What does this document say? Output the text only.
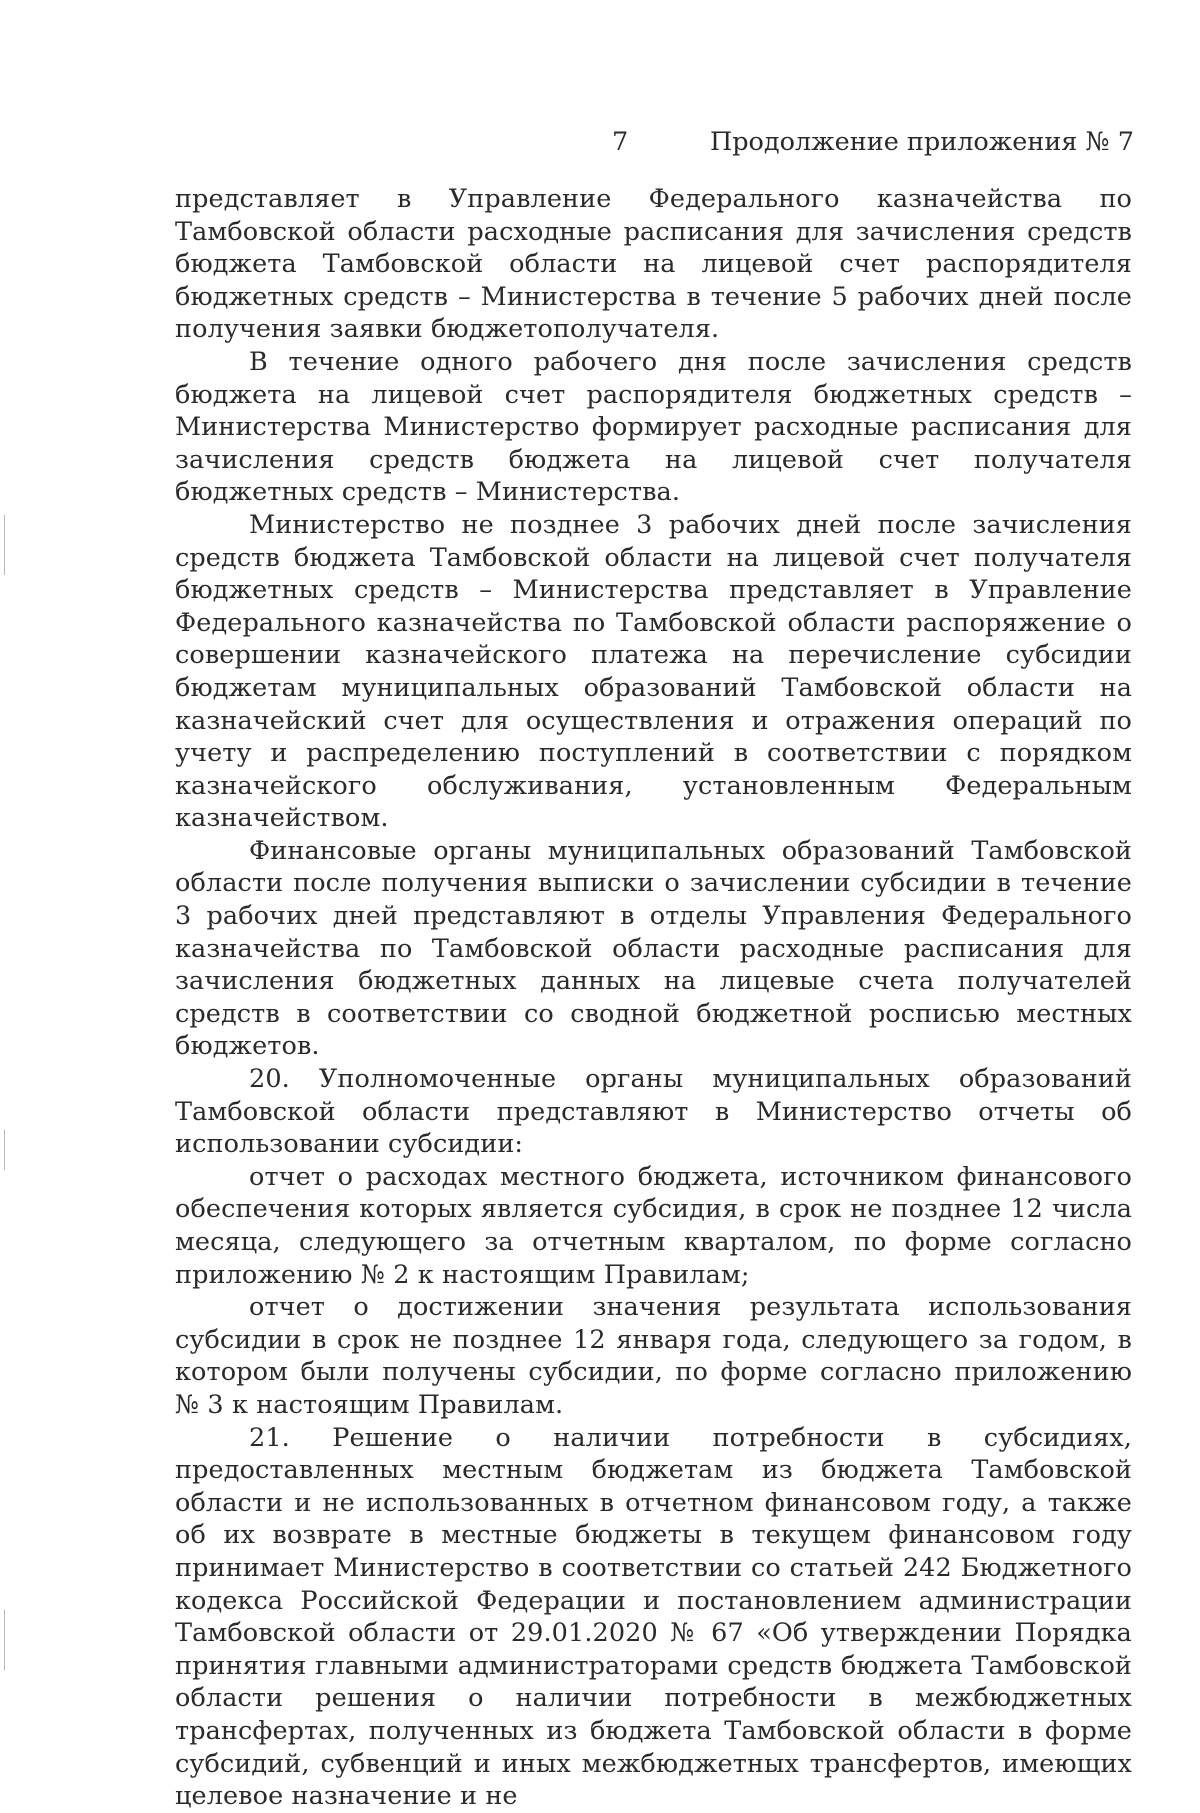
7	Продолжение приложения № 7

представляет в Управление Федерального казначейства по Тамбовской области расходные расписания для зачисления средств бюджета Тамбовской области на лицевой счет распорядителя бюджетных средств – Министерства в течение 5 рабочих дней после получения заявки бюджетополучателя.

В течение одного рабочего дня после зачисления средств бюджета на лицевой счет распорядителя бюджетных средств – Министерства Министерство формирует расходные расписания для зачисления средств бюджета на лицевой счет получателя бюджетных средств – Министерства.

Министерство не позднее 3 рабочих дней после зачисления средств бюджета Тамбовской области на лицевой счет получателя бюджетных средств – Министерства представляет в Управление Федерального казначейства по Тамбовской области распоряжение о совершении казначейского платежа на перечисление субсидии бюджетам муниципальных образований Тамбовской области на казначейский счет для осуществления и отражения операций по учету и распределению поступлений в соответствии с порядком казначейского обслуживания, установленным Федеральным казначейством.

Финансовые органы муниципальных образований Тамбовской области после получения выписки о зачислении субсидии в течение 3 рабочих дней представляют в отделы Управления Федерального казначейства по Тамбовской области расходные расписания для зачисления бюджетных данных на лицевые счета получателей средств в соответствии со сводной бюджетной росписью местных бюджетов.

20. Уполномоченные органы муниципальных образований Тамбовской области представляют в Министерство отчеты об использовании субсидии:

отчет о расходах местного бюджета, источником финансового обеспечения которых является субсидия, в срок не позднее 12 числа месяца, следующего за отчетным кварталом, по форме согласно приложению № 2 к настоящим Правилам;

отчет о достижении значения результата использования субсидии в срок не позднее 12 января года, следующего за годом, в котором были получены субсидии, по форме согласно приложению № 3 к настоящим Правилам.

21. Решение о наличии потребности в субсидиях, предоставленных местным бюджетам из бюджета Тамбовской области и не использованных в отчетном финансовом году, а также об их возврате в местные бюджеты в текущем финансовом году принимает Министерство в соответствии со статьей 242 Бюджетного кодекса Российской Федерации и постановлением администрации Тамбовской области от 29.01.2020 № 67 «Об утверждении Порядка принятия главными администраторами средств бюджета Тамбовской области решения о наличии потребности в межбюджетных трансфертах, полученных из бюджета Тамбовской области в форме субсидий, субвенций и иных межбюджетных трансфертов, имеющих целевое назначение и не
